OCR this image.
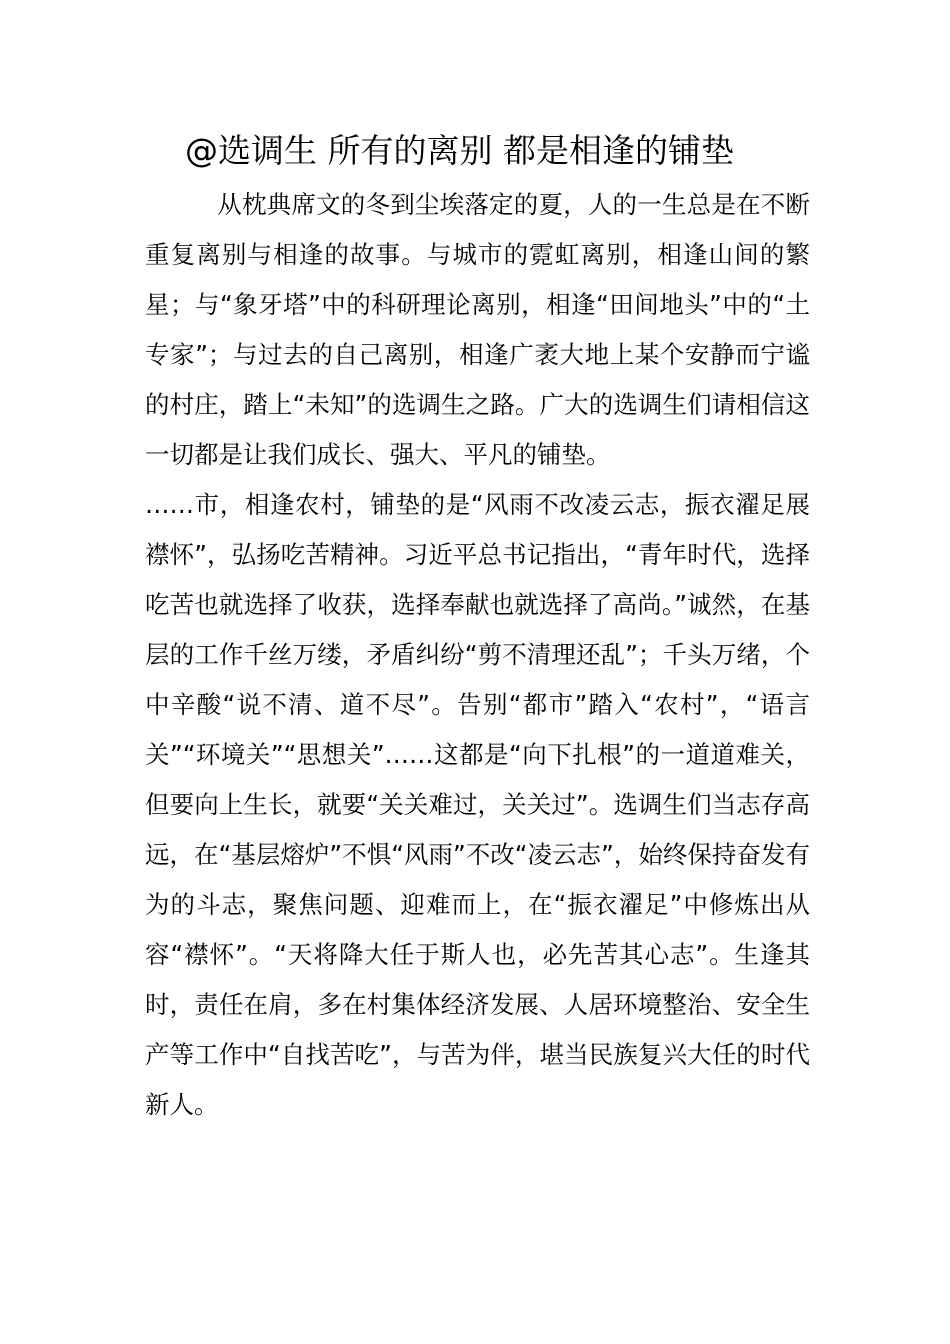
@选调生 所有的离别 都是相逢的铺垫

从枕典席文的冬到尘埃落定的夏，人的一生总是在不断重复离别与相逢的故事。与城市的霓虹离别，相逢山间的繁星；与“象牙塔”中的科研理论离别，相逢“田间地头”中的“土专家”；与过去的自己离别，相逢广袤大地上某个安静而宁谧的村庄，踏上“未知”的选调生之路。广大的选调生们请相信这一切都是让我们成长、强大、平凡的铺垫。

……市，相逢农村，铺垫的是“风雨不改凌云志，振衣濯足展襟怀”，弘扬吃苦精神。习近平总书记指出，“青年时代，选择吃苦也就选择了收获，选择奉献也就选择了高尚。”诚然，在基层的工作千丝万缕，矛盾纠纷“剪不清理还乱”；千头万绪，个中辛酸“说不清、道不尽”。告别“都市”踏入“农村”，“语言关”“环境关”“思想关”……这都是“向下扎根”的一道道难关，但要向上生长，就要“关关难过，关关过”。选调生们当志存高远，在“基层熔炉”不惧“风雨”不改“凌云志”，始终保持奋发有为的斗志，聚焦问题、迎难而上，在“振衣濯足”中修炼出从容“襟怀”。“天将降大任于斯人也，必先苦其心志”。生逢其时，责任在肩，多在村集体经济发展、人居环境整治、安全生产等工作中“自找苦吃”，与苦为伴，堪当民族复兴大任的时代新人。
